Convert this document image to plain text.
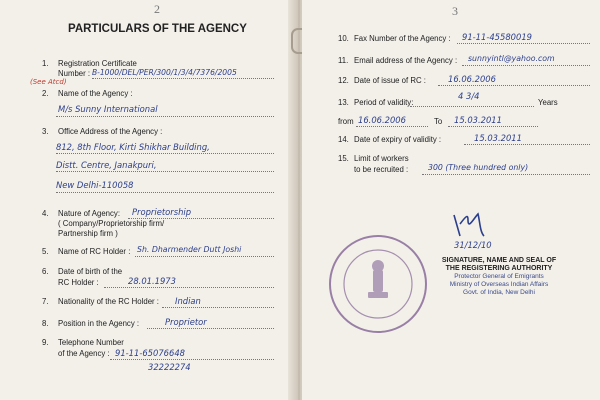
2
PARTICULARS OF THE AGENCY
1. Registration Certificate
Number : B-1000/DEL/PER/300/1/3/4/7376/2005
(See Atcd)
2. Name of the Agency :
M/s Sunny International
3. Office Address of the Agency :
812, 8th Floor, Kirti Shikhar Building,
Distt. Centre, Janakpuri,
New Delhi-110058
4. Nature of Agency: Proprietorship
( Company/Proprietorship firm/
Partnership firm )
5. Name of RC Holder : Sh. Dharmender Dutt Joshi
6. Date of birth of the
RC Holder :	28.01.1973
7. Nationality of the RC Holder : Indian
8. Position in the Agency :	Proprietor
9. Telephone Number
of the Agency : 91-11-65076648
32222274
3
10. Fax Number of the Agency : 91-11-45580019
11. Email address of the Agency : sunnyintl@yahoo.com
12. Date of issue of RC :	16.06.2006
13. Period of validity:
4 3/4
Years
from 16.06.2006	To 15.03.2011
14. Date of expiry of validity :	15.03.2011
15. Limit of workers
to be recruited :	300 (Three hundred only)
31/12/10
SIGNATURE, NAME AND SEAL OF
THE REGISTERING AUTHORITY
Protector General of Emigrants
Ministry of Overseas Indian Affairs
Govt. of India, New Delhi
